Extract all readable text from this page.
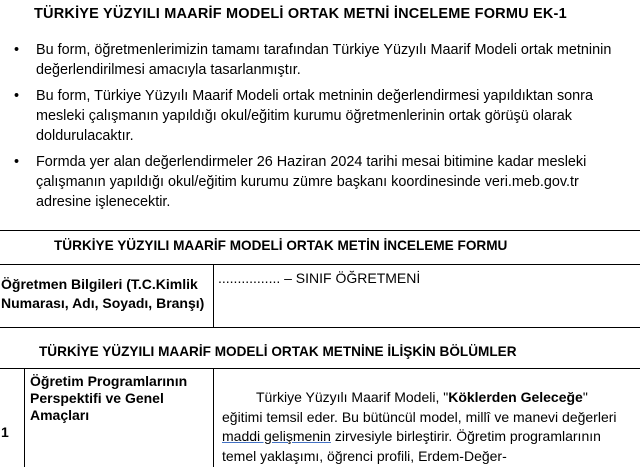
TÜRKİYE YÜZYILI MAARİF MODELİ ORTAK METNİ İNCELEME FORMU EK-1
• Bu form, öğretmenlerimizin tamamı tarafından Türkiye Yüzyılı Maarif Modeli ortak metninin değerlendirilmesi amacıyla tasarlanmıştır.
• Bu form, Türkiye Yüzyılı Maarif Modeli ortak metninin değerlendirmesi yapıldıktan sonra mesleki çalışmanın yapıldığı okul/eğitim kurumu öğretmenlerinin ortak görüşü olarak doldurulacaktır.
• Formda yer alan değerlendirmeler 26 Haziran 2024 tarihi mesai bitimine kadar mesleki çalışmanın yapıldığı okul/eğitim kurumu zümre başkanı koordinesinde veri.meb.gov.tr adresine işlenecektir.
TÜRKİYE YÜZYILI MAARİF MODELİ ORTAK METİN İNCELEME FORMU
Öğretmen Bilgileri (T.C.Kimlik Numarası, Adı, Soyadı, Branşı)
................ – SINIF ÖĞRETMENİ
TÜRKİYE YÜZYILI MAARİF MODELİ ORTAK METNİNE İLİŞKİN BÖLÜMLER
1
Öğretim Programlarının Perspektifi ve Genel Amaçları
Türkiye Yüzyılı Maarif Modeli, "Köklerden Geleceğe" eğitimi temsil eder. Bu bütüncül model, millî ve manevi değerleri maddi gelişmenin zirvesiyle birleştirir. Öğretim programlarının temel yaklaşımı, öğrenci profili, Erdem-Değer-
